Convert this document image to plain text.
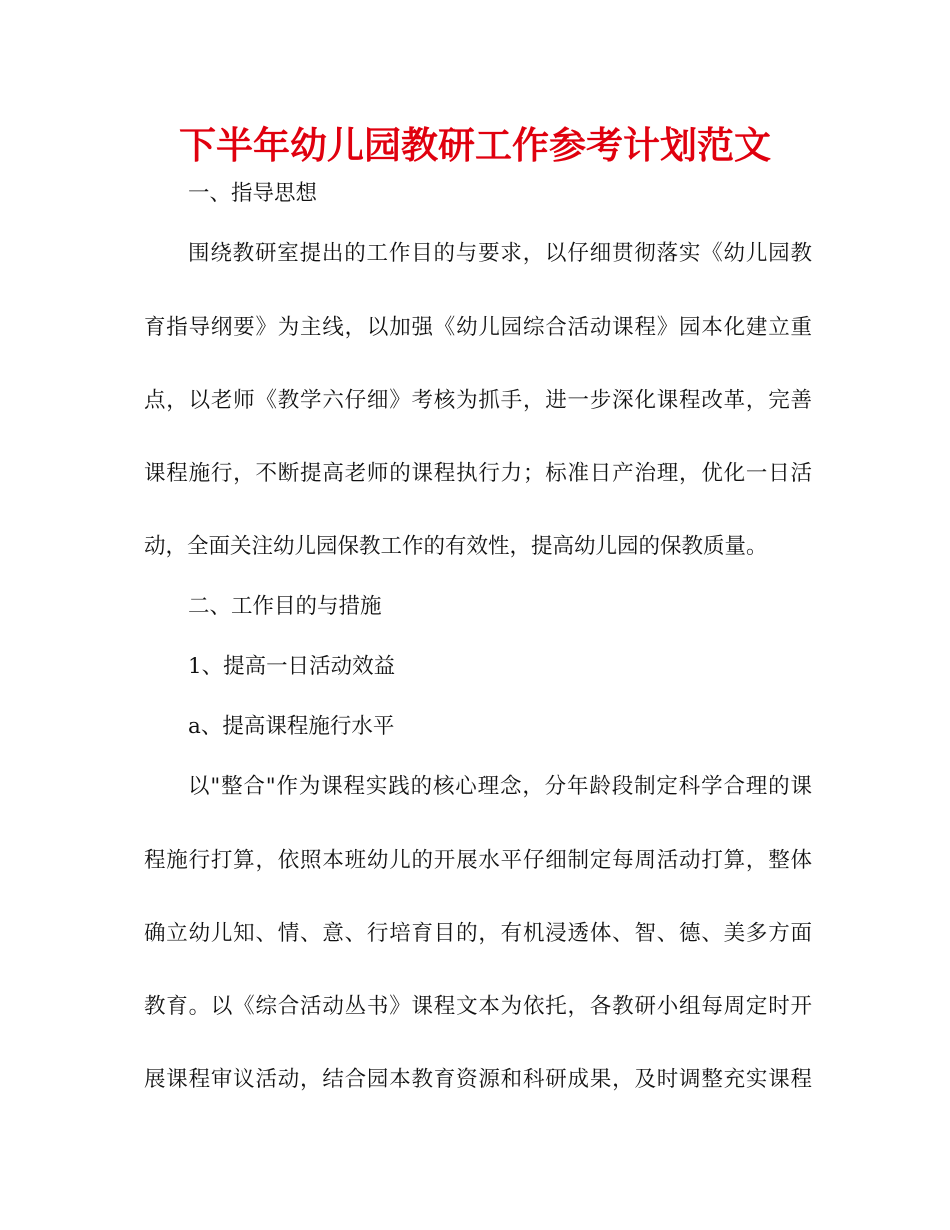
下半年幼儿园教研工作参考计划范文
一、指导思想
围绕教研室提出的工作目的与要求，以仔细贯彻落实《幼儿园教
育指导纲要》为主线，以加强《幼儿园综合活动课程》园本化建立重
点，以老师《教学六仔细》考核为抓手，进一步深化课程改革，完善
课程施行，不断提高老师的课程执行力；标准日产治理，优化一日活
动，全面关注幼儿园保教工作的有效性，提高幼儿园的保教质量。
二、工作目的与措施
1、提高一日活动效益
a、提高课程施行水平
以"整合"作为课程实践的核心理念，分年龄段制定科学合理的课
程施行打算，依照本班幼儿的开展水平仔细制定每周活动打算，整体
确立幼儿知、情、意、行培育目的，有机浸透体、智、德、美多方面
教育。以《综合活动丛书》课程文本为依托，各教研小组每周定时开
展课程审议活动，结合园本教育资源和科研成果，及时调整充实课程
